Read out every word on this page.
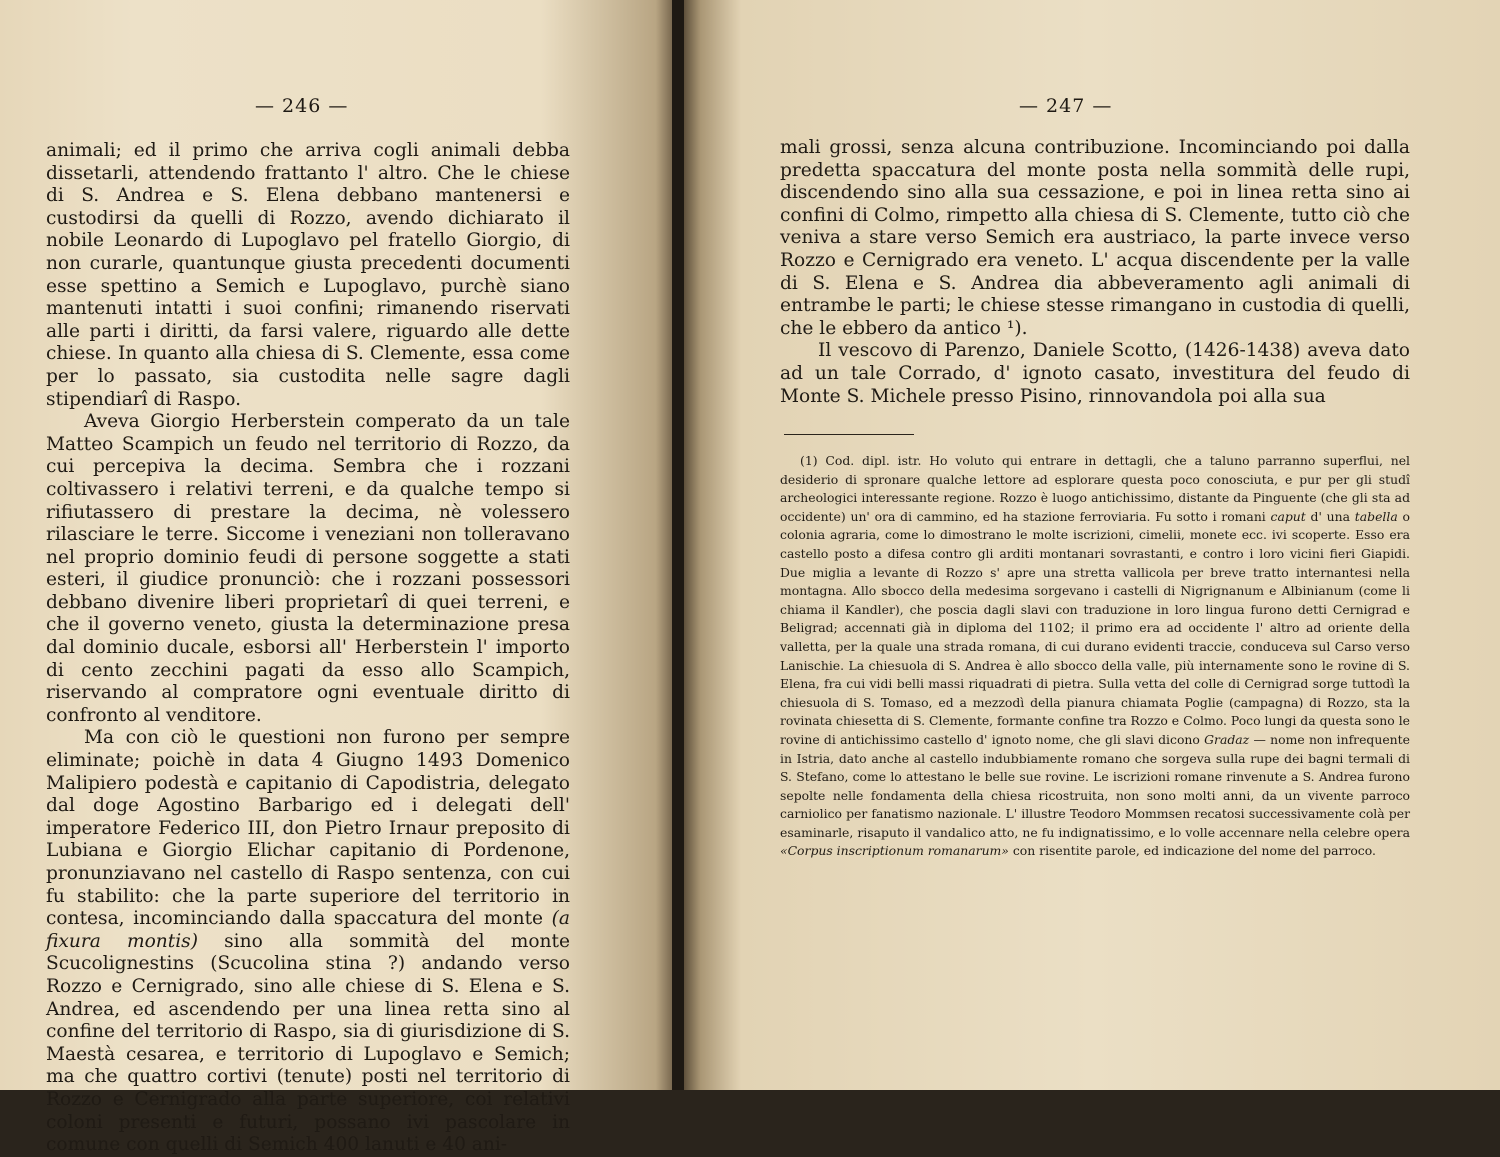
— 246 —

animali; ed il primo che arriva cogli animali debba dissetarli, attendendo frattanto l' altro. Che le chiese di S. Andrea e S. Elena debbano mantenersi e custodirsi da quelli di Rozzo, avendo dichiarato il nobile Leonardo di Lupoglavo pel fratello Giorgio, di non curarle, quantunque giusta precedenti documenti esse spettino a Semich e Lupoglavo, purchè siano mantenuti intatti i suoi confini; rimanendo riservati alle parti i diritti, da farsi valere, riguardo alle dette chiese. In quanto alla chiesa di S. Clemente, essa come per lo passato, sia custodita nelle sagre dagli stipendiarî di Raspo.

Aveva Giorgio Herberstein comperato da un tale Matteo Scampich un feudo nel territorio di Rozzo, da cui percepiva la decima. Sembra che i rozzani coltivassero i relativi terreni, e da qualche tempo si rifiutassero di prestare la decima, nè volessero rilasciare le terre. Siccome i veneziani non tolleravano nel proprio dominio feudi di persone soggette a stati esteri, il giudice pronunciò: che i rozzani possessori debbano divenire liberi proprietarî di quei terreni, e che il governo veneto, giusta la determinazione presa dal dominio ducale, esborsi all' Herberstein l' importo di cento zecchini pagati da esso allo Scampich, riservando al compratore ogni eventuale diritto di confronto al venditore.

Ma con ciò le questioni non furono per sempre eliminate; poichè in data 4 Giugno 1493 Domenico Malipiero podestà e capitanio di Capodistria, delegato dal doge Agostino Barbarigo ed i delegati dell' imperatore Federico III, don Pietro Irnaur preposito di Lubiana e Giorgio Elichar capitanio di Pordenone, pronunziavano nel castello di Raspo sentenza, con cui fu stabilito: che la parte superiore del territorio in contesa, incominciando dalla spaccatura del monte (a fixura montis) sino alla sommità del monte Scucolignestins (Scucolina stina ?) andando verso Rozzo e Cernigrado, sino alle chiese di S. Elena e S. Andrea, ed ascendendo per una linea retta sino al confine del territorio di Raspo, sia di giurisdizione di S. Maestà cesarea, e territorio di Lupoglavo e Semich; ma che quattro cortivi (tenute) posti nel territorio di Rozzo e Cernigrado alla parte superiore, coi relativi coloni presenti e futuri, possano ivi pascolare in comune con quelli di Semich 400 lanuti e 40 ani-

— 247 —

mali grossi, senza alcuna contribuzione. Incominciando poi dalla predetta spaccatura del monte posta nella sommità delle rupi, discendendo sino alla sua cessazione, e poi in linea retta sino ai confini di Colmo, rimpetto alla chiesa di S. Clemente, tutto ciò che veniva a stare verso Semich era austriaco, la parte invece verso Rozzo e Cernigrado era veneto. L' acqua discendente per la valle di S. Elena e S. Andrea dia abbeveramento agli animali di entrambe le parti; le chiese stesse rimangano in custodia di quelli, che le ebbero da antico ¹).

Il vescovo di Parenzo, Daniele Scotto, (1426-1438) aveva dato ad un tale Corrado, d' ignoto casato, investitura del feudo di Monte S. Michele presso Pisino, rinnovandola poi alla sua

(1) Cod. dipl. istr. Ho voluto qui entrare in dettagli, che a taluno parranno superflui, nel desiderio di spronare qualche lettore ad esplorare questa poco conosciuta, e pur per gli studî archeologici interessante regione. Rozzo è luogo antichissimo, distante da Pinguente (che gli sta ad occidente) un' ora di cammino, ed ha stazione ferroviaria. Fu sotto i romani caput d' una tabella o colonia agraria, come lo dimostrano le molte iscrizioni, cimelii, monete ecc. ivi scoperte. Esso era castello posto a difesa contro gli arditi montanari sovrastanti, e contro i loro vicini fieri Giapidi. Due miglia a levante di Rozzo s' apre una stretta vallicola per breve tratto internantesi nella montagna. Allo sbocco della medesima sorgevano i castelli di Nigrignanum e Albinianum (come li chiama il Kandler), che poscia dagli slavi con traduzione in loro lingua furono detti Cernigrad e Beligrad; accennati già in diploma del 1102; il primo era ad occidente l' altro ad oriente della valletta, per la quale una strada romana, di cui durano evidenti traccie, conduceva sul Carso verso Lanischie. La chiesuola di S. Andrea è allo sbocco della valle, più internamente sono le rovine di S. Elena, fra cui vidi belli massi riquadrati di pietra. Sulla vetta del colle di Cernigrad sorge tuttodì la chiesuola di S. Tomaso, ed a mezzodì della pianura chiamata Poglie (campagna) di Rozzo, sta la rovinata chiesetta di S. Clemente, formante confine tra Rozzo e Colmo. Poco lungi da questa sono le rovine di antichissimo castello d' ignoto nome, che gli slavi dicono Gradaz — nome non infrequente in Istria, dato anche al castello indubbiamente romano che sorgeva sulla rupe dei bagni termali di S. Stefano, come lo attestano le belle sue rovine. Le iscrizioni romane rinvenute a S. Andrea furono sepolte nelle fondamenta della chiesa ricostruita, non sono molti anni, da un vivente parroco carniolico per fanatismo nazionale. L' illustre Teodoro Mommsen recatosi successivamente colà per esaminarle, risaputo il vandalico atto, ne fu indignatissimo, e lo volle accennare nella celebre opera «Corpus inscriptionum romanarum» con risentite parole, ed indicazione del nome del parroco.
